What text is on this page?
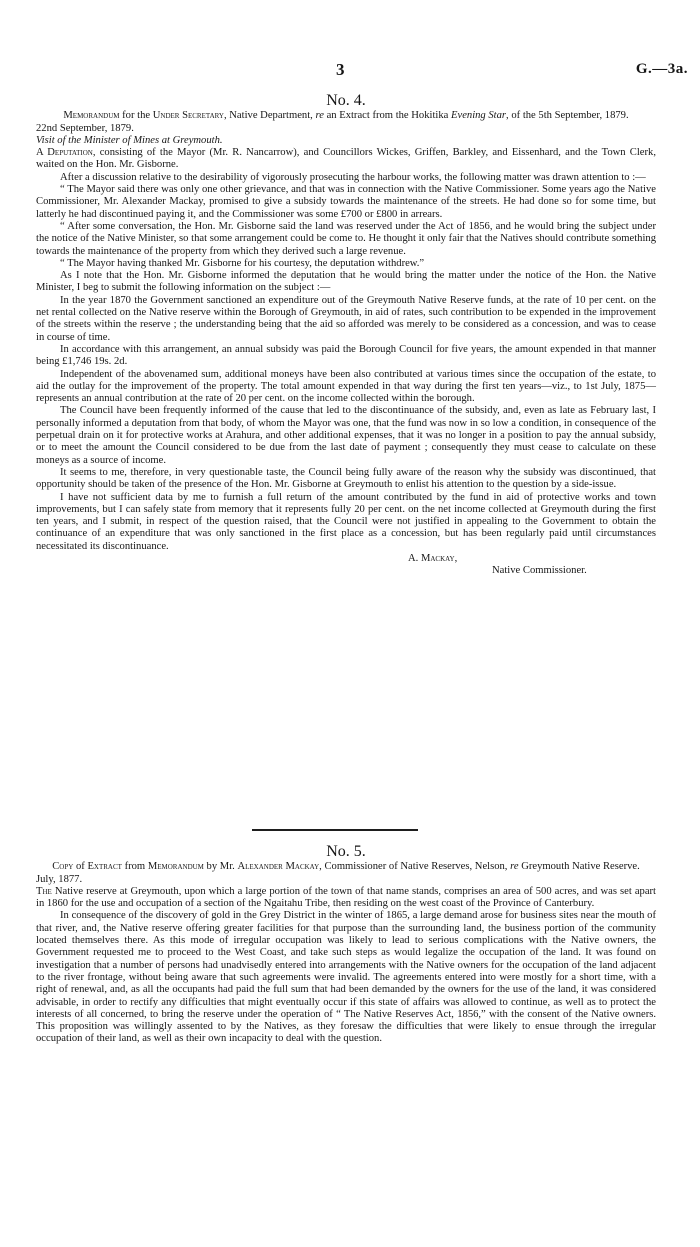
3	G.—3a.
No. 4.

Memorandum for the Under Secretary, Native Department, re an Extract from the Hokitika Evening Star, of the 5th September, 1879.

22nd September, 1879.

Visit of the Minister of Mines at Greymouth.

A Deputation, consisting of the Mayor (Mr. R. Nancarrow), and Councillors Wickes, Griffen, Barkley, and Eissenhard, and the Town Clerk, waited on the Hon. Mr. Gisborne.

After a discussion relative to the desirability of vigorously prosecuting the harbour works, the following matter was drawn attention to :—

“ The Mayor said there was only one other grievance, and that was in connection with the Native Commissioner. Some years ago the Native Commissioner, Mr. Alexander Mackay, promised to give a subsidy towards the maintenance of the streets. He had done so for some time, but latterly he had discontinued paying it, and the Commissioner was some £700 or £800 in arrears.

“ After some conversation, the Hon. Mr. Gisborne said the land was reserved under the Act of 1856, and he would bring the subject under the notice of the Native Minister, so that some arrangement could be come to. He thought it only fair that the Natives should contribute something towards the maintenance of the property from which they derived such a large revenue.

“ The Mayor having thanked Mr. Gisborne for his courtesy, the deputation withdrew.”

As I note that the Hon. Mr. Gisborne informed the deputation that he would bring the matter under the notice of the Hon. the Native Minister, I beg to submit the following information on the subject :—

In the year 1870 the Government sanctioned an expenditure out of the Greymouth Native Reserve funds, at the rate of 10 per cent. on the net rental collected on the Native reserve within the Borough of Greymouth, in aid of rates, such contribution to be expended in the improvement of the streets within the reserve ; the understanding being that the aid so afforded was merely to be considered as a concession, and was to cease in course of time.

In accordance with this arrangement, an annual subsidy was paid the Borough Council for five years, the amount expended in that manner being £1,746 19s. 2d.

Independent of the abovenamed sum, additional moneys have been also contributed at various times since the occupation of the estate, to aid the outlay for the improvement of the property. The total amount expended in that way during the first ten years—viz., to 1st July, 1875—represents an annual contribution at the rate of 20 per cent. on the income collected within the borough.

The Council have been frequently informed of the cause that led to the discontinuance of the subsidy, and, even as late as February last, I personally informed a deputation from that body, of whom the Mayor was one, that the fund was now in so low a condition, in consequence of the perpetual drain on it for protective works at Arahura, and other additional expenses, that it was no longer in a position to pay the annual subsidy, or to meet the amount the Council considered to be due from the last date of payment ; consequently they must cease to calculate on these moneys as a source of income.

It seems to me, therefore, in very questionable taste, the Council being fully aware of the reason why the subsidy was discontinued, that opportunity should be taken of the presence of the Hon. Mr. Gisborne at Greymouth to enlist his attention to the question by a side-issue.

I have not sufficient data by me to furnish a full return of the amount contributed by the fund in aid of protective works and town improvements, but I can safely state from memory that it represents fully 20 per cent. on the net income collected at Greymouth during the first ten years, and I submit, in respect of the question raised, that the Council were not justified in appealing to the Government to obtain the continuance of an expenditure that was only sanctioned in the first place as a concession, but has been regularly paid until circumstances necessitated its discontinuance.

A. Mackay,

Native Commissioner.

No. 5.

Copy of Extract from Memorandum by Mr. Alexander Mackay, Commissioner of Native Reserves, Nelson, re Greymouth Native Reserve.

July, 1877.

The Native reserve at Greymouth, upon which a large portion of the town of that name stands, comprises an area of 500 acres, and was set apart in 1860 for the use and occupation of a section of the Ngaitahu Tribe, then residing on the west coast of the Province of Canterbury.

In consequence of the discovery of gold in the Grey District in the winter of 1865, a large demand arose for business sites near the mouth of that river, and, the Native reserve offering greater facilities for that purpose than the surrounding land, the business portion of the community located themselves there. As this mode of irregular occupation was likely to lead to serious complications with the Native owners, the Government requested me to proceed to the West Coast, and take such steps as would legalize the occupation of the land. It was found on investigation that a number of persons had unadvisedly entered into arrangements with the Native owners for the occupation of the land adjacent to the river frontage, without being aware that such agreements were invalid. The agreements entered into were mostly for a short time, with a right of renewal, and, as all the occupants had paid the full sum that had been demanded by the owners for the use of the land, it was considered advisable, in order to rectify any difficulties that might eventually occur if this state of affairs was allowed to continue, as well as to protect the interests of all concerned, to bring the reserve under the operation of “ The Native Reserves Act, 1856,” with the consent of the Native owners. This proposition was willingly assented to by the Natives, as they foresaw the difficulties that were likely to ensue through the irregular occupation of their land, as well as their own incapacity to deal with the question.
